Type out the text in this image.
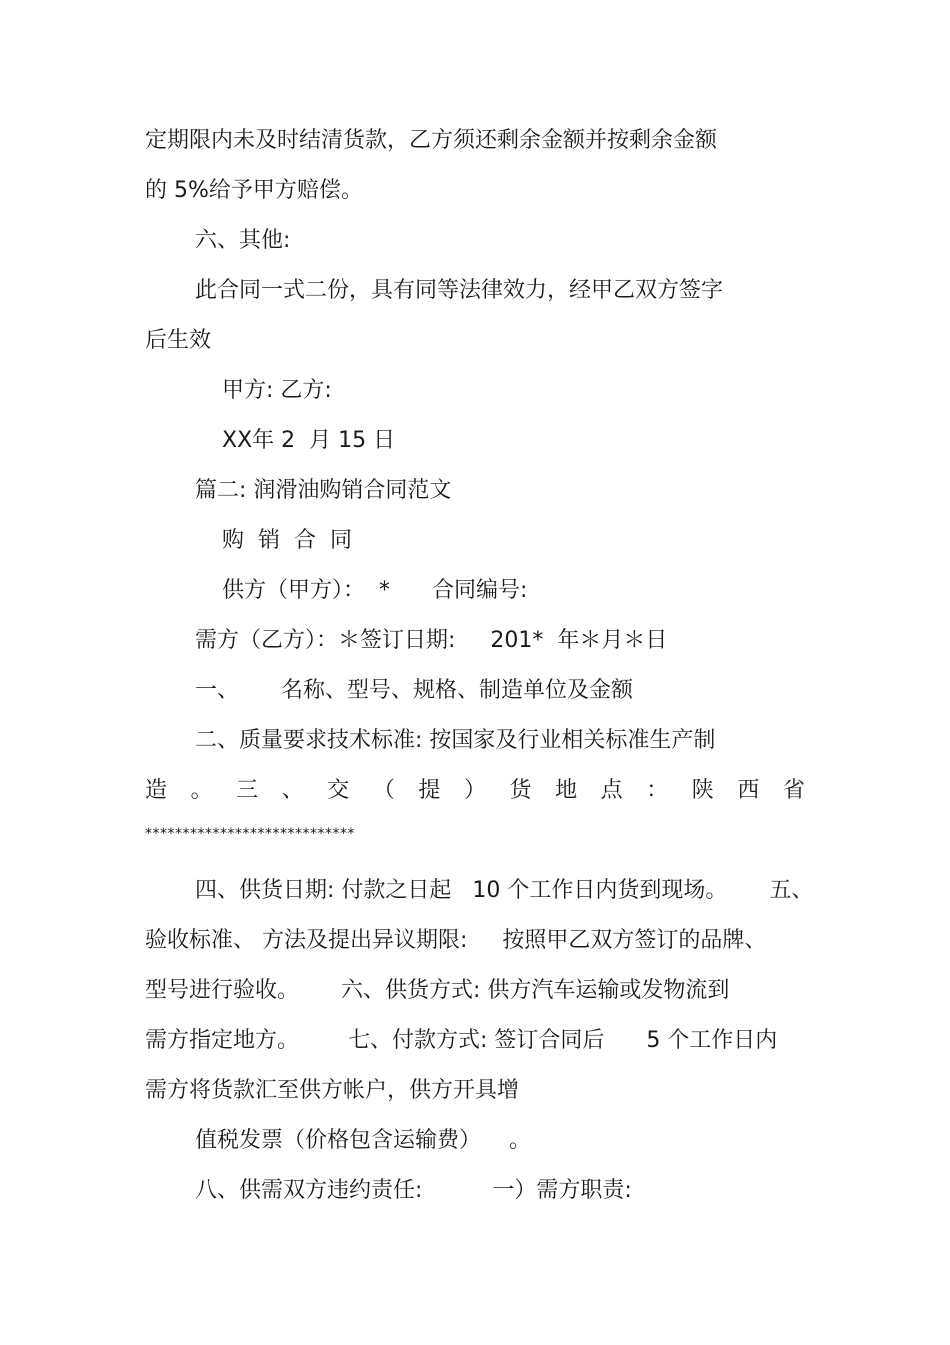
定期限内未及时结清货款，乙方须还剩余金额并按剩余金额
的 5%给予甲方赔偿。
六、其他:
此合同一式二份，具有同等法律效力，经甲乙双方签字
后生效
甲方: 乙方:
XX年 2  月 15 日
篇二: 润滑油购销合同范文
购  销  合  同
供方（甲方）：  *      合同编号:
需方（乙方）：＊签订日期:     201*  年＊月＊日
一、      名称、型号、规格、制造单位及金额
二、质量要求技术标准: 按国家及行业相关标准生产制
造 。 三 、 交 （ 提 ） 货 地 点 ： 陕 西 省
****************************
四、供货日期: 付款之日起   10 个工作日内货到现场。      五、
验收标准、 方法及提出异议期限:     按照甲乙双方签订的品牌、
型号进行验收。      六、供货方式: 供方汽车运输或发物流到
需方指定地方。       七、付款方式: 签订合同后      5 个工作日内
需方将货款汇至供方帐户，供方开具增
值税发票（价格包含运输费）    。
八、供需双方违约责任:          一）需方职责:
